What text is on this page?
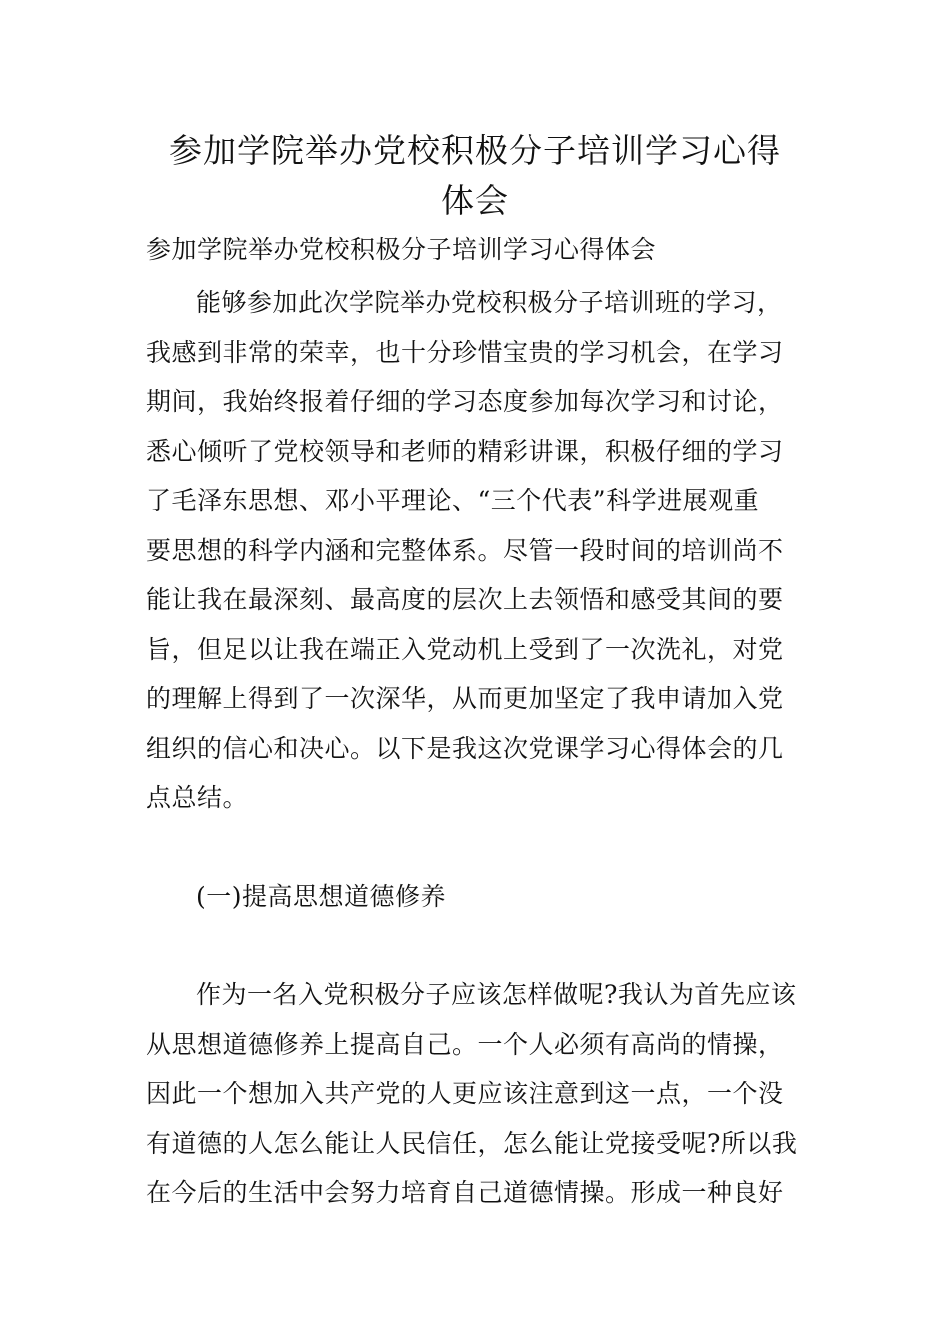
参加学院举办党校积极分子培训学习心得
体会

参加学院举办党校积极分子培训学习心得体会

能够参加此次学院举办党校积极分子培训班的学习，
我感到非常的荣幸，也十分珍惜宝贵的学习机会，在学习
期间，我始终报着仔细的学习态度参加每次学习和讨论，
悉心倾听了党校领导和老师的精彩讲课，积极仔细的学习
了毛泽东思想、邓小平理论、“三个代表”科学进展观重
要思想的科学内涵和完整体系。尽管一段时间的培训尚不
能让我在最深刻、最高度的层次上去领悟和感受其间的要
旨，但足以让我在端正入党动机上受到了一次洗礼，对党
的理解上得到了一次深华，从而更加坚定了我申请加入党
组织的信心和决心。以下是我这次党课学习心得体会的几
点总结。

(一)提高思想道德修养

作为一名入党积极分子应该怎样做呢?我认为首先应该
从思想道德修养上提高自己。一个人必须有高尚的情操，
因此一个想加入共产党的人更应该注意到这一点，一个没
有道德的人怎么能让人民信任，怎么能让党接受呢?所以我
在今后的生活中会努力培育自己道德情操。形成一种良好
